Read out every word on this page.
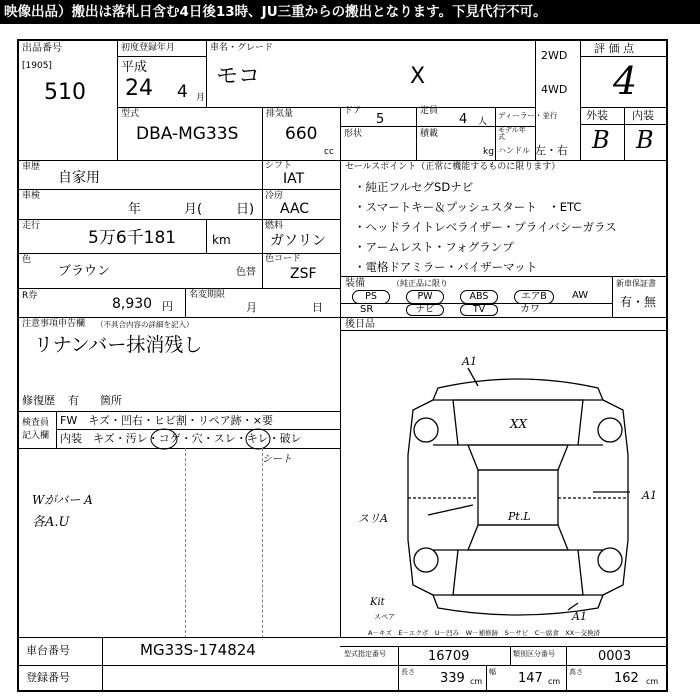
映像出品）搬出は落札日含む4日後13時、JU三重からの搬出となります。下見代行不可。
出品番号
[1905]
510
初度登録年月
平成
24 4 月
車名・グレード
モコ	X
2WD
4WD
評 価 点
4
型式
DBA-MG33S
排気量
660
cc
ドア
5
定員
4 人
ディーラー・並行
形状	積載
kg
モデル年式
ハンドル 左・右
外装 内装
B B
車歴
自家用
シフト
IAT
車検
年	月(	日)
冷房
AAC
走行
5万6千181	km
燃料
ガソリン
色
ブラウン	色替
色コード
ZSF
R券	8,930 円
名変期限
月	日
セールスポイント（正常に機能するものに限ります）
・純正フルセグSDナビ
・スマートキー＆プッシュスタート　・ETC
・ヘッドライトレベライザー・プライバシーガラス
・アームレスト・フォグランプ
・電格ドアミラー・バイザーマット
装備	（純正品に限り
PS	PW	ABS	エアB	AW
SR	ナビ	TV	カワ
新車保証書
有・無
注意事項申告欄 （不具合内容の詳細を記入）
リナンバー抹消残し
修復歴 有 箇所
後日品
検査員
記入欄
FW　キズ・凹右・ヒビ割・リペア跡・×要
内装　キズ・汚レ・コゲ・穴・スレ・キレ・破レ
シート
Wがバー A
各A.U
A1
XX
A1
スリA	Pt.L
A1
Kit
スペア
A－キズ　E－エクボ　U－凹み　W－補修跡　S－サビ　C－腐食　XX－交換済
車台番号	MG33S-174824
登録番号
型式指定番号	16709	類別区分番号	0003
長さ 339 cm
幅 147 cm
高さ 162 cm
